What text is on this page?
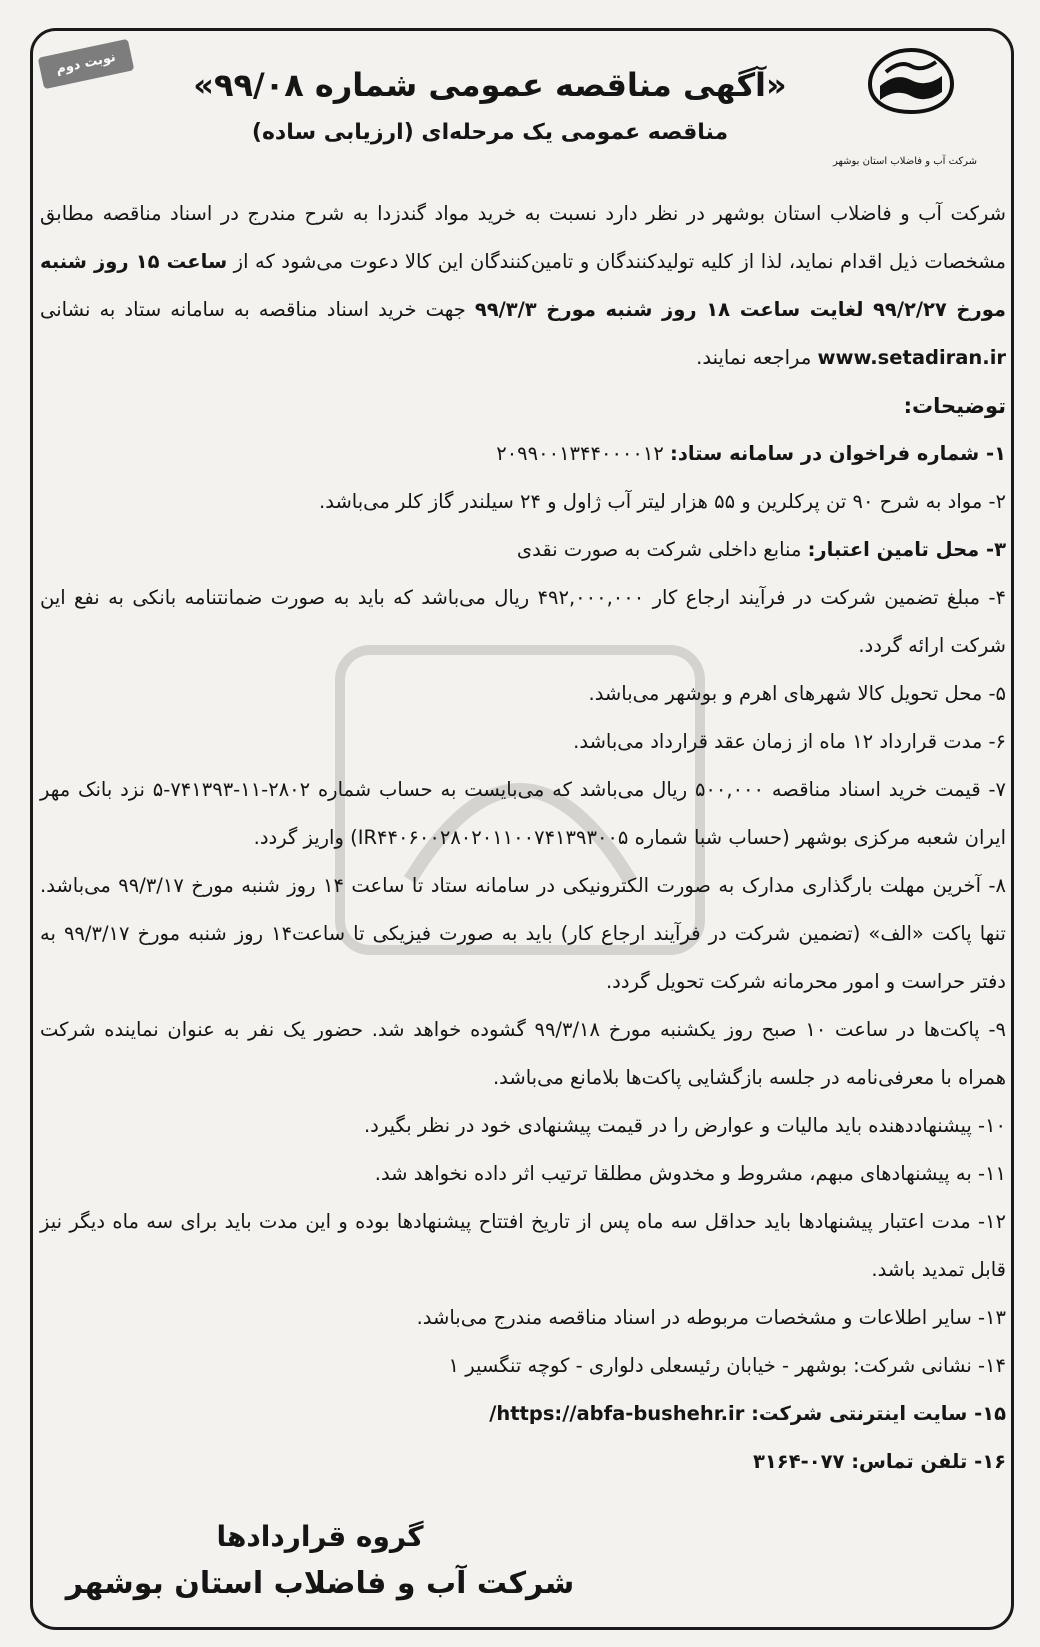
شرکت آب و فاضلاب استان بوشهر
نوبت دوم
«آگهی مناقصه عمومی شماره ۹۹/۰۸»
مناقصه عمومی یک مرحله‌ای (ارزیابی ساده)

شرکت آب و فاضلاب استان بوشهر در نظر دارد نسبت به خرید مواد گندزدا به شرح مندرج در اسناد مناقصه مطابق مشخصات ذیل اقدام نماید، لذا از کلیه تولیدکنندگان و تامین‌کنندگان این کالا دعوت می‌شود که از ساعت ۱۵ روز شنبه مورخ ۹۹/۲/۲۷ لغایت ساعت ۱۸ روز شنبه مورخ ۹۹/۳/۳ جهت خرید اسناد مناقصه به سامانه ستاد به نشانی www.setadiran.ir مراجعه نمایند.

توضیحات:

۱- شماره فراخوان در سامانه ستاد: ۲۰۹۹۰۰۱۳۴۴۰۰۰۰۱۲

۲- مواد به شرح ۹۰ تن پرکلرین و ۵۵ هزار لیتر آب ژاول و ۲۴ سیلندر گاز کلر می‌باشد.

۳- محل تامین اعتبار: منابع داخلی شرکت به صورت نقدی

۴- مبلغ تضمین شرکت در فرآیند ارجاع کار ۴۹۲,۰۰۰,۰۰۰ ریال می‌باشد که باید به صورت ضمانتنامه بانکی به نفع این شرکت ارائه گردد.

۵- محل تحویل کالا شهرهای اهرم و بوشهر می‌باشد.

۶- مدت قرارداد ۱۲ ماه از زمان عقد قرارداد می‌باشد.

۷- قیمت خرید اسناد مناقصه ۵۰۰,۰۰۰ ریال می‌باشد که می‌بایست به حساب شماره ۲۸۰۲-۱۱-۷۴۱۳۹۳-۵ نزد بانک مهر ایران شعبه مرکزی بوشهر (حساب شبا شماره IR۴۴۰۶۰۰۲۸۰۲۰۱۱۰۰۷۴۱۳۹۳۰۰۵) واریز گردد.

۸- آخرین مهلت بارگذاری مدارک به صورت الکترونیکی در سامانه ستاد تا ساعت ۱۴ روز شنبه مورخ ۹۹/۳/۱۷ می‌باشد. تنها پاکت «الف» (تضمین شرکت در فرآیند ارجاع کار) باید به صورت فیزیکی تا ساعت۱۴ روز شنبه مورخ ۹۹/۳/۱۷ به دفتر حراست و امور محرمانه شرکت تحویل گردد.

۹- پاکت‌ها در ساعت ۱۰ صبح روز یکشنبه مورخ ۹۹/۳/۱۸ گشوده خواهد شد. حضور یک نفر به عنوان نماینده شرکت همراه با معرفی‌نامه در جلسه بازگشایی پاکت‌ها بلامانع می‌باشد.

۱۰- پیشنهاددهنده باید مالیات و عوارض را در قیمت پیشنهادی خود در نظر بگیرد.

۱۱- به پیشنهادهای مبهم، مشروط و مخدوش مطلقا ترتیب اثر داده نخواهد شد.

۱۲- مدت اعتبار پیشنهادها باید حداقل سه ماه پس از تاریخ افتتاح پیشنهادها بوده و این مدت باید برای سه ماه دیگر نیز قابل تمدید باشد.

۱۳- سایر اطلاعات و مشخصات مربوطه در اسناد مناقصه مندرج می‌باشد.

۱۴- نشانی شرکت: بوشهر - خیابان رئیسعلی دلواری - کوچه تنگسیر ۱

۱۵- سایت اینترنتی شرکت: https://abfa-bushehr.ir/

۱۶- تلفن تماس: ۰۷۷-۳۱۶۴

گروه قراردادها
شرکت آب و فاضلاب استان بوشهر
